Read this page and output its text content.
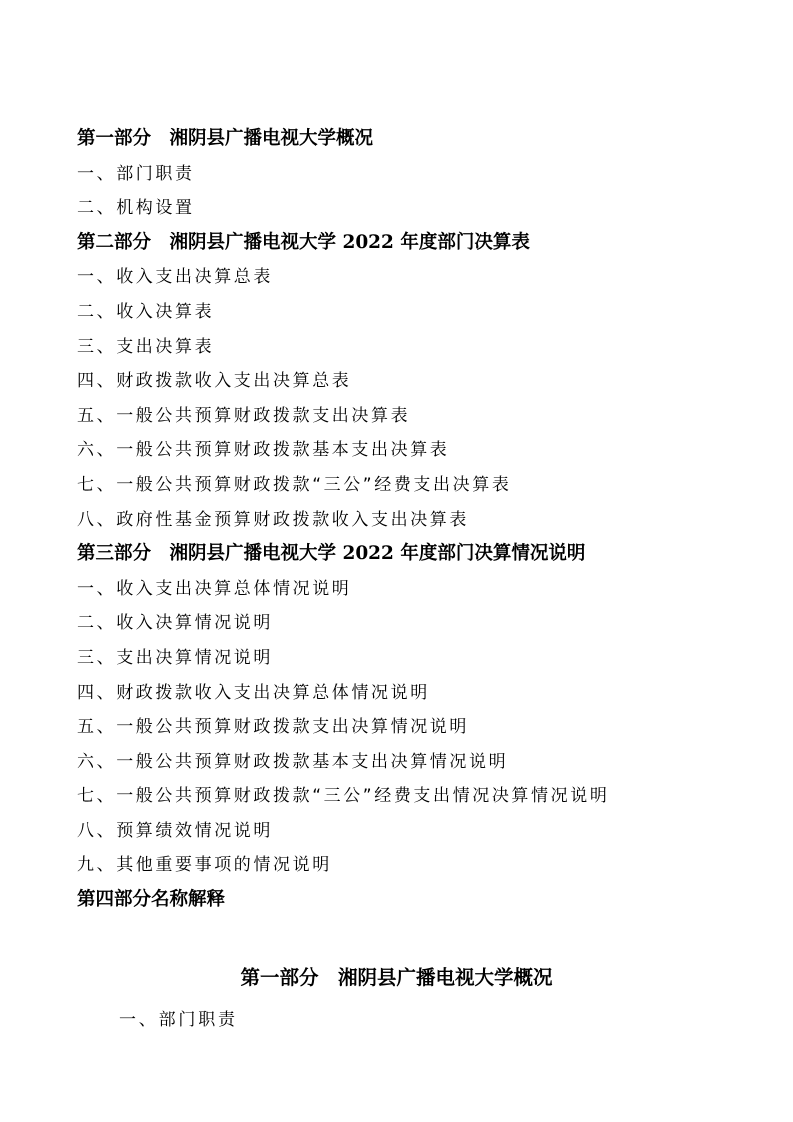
第一部分　湘阴县广播电视大学概况
一、部门职责
二、机构设置
第二部分　湘阴县广播电视大学 2022 年度部门决算表
一、收入支出决算总表
二、收入决算表
三、支出决算表
四、财政拨款收入支出决算总表
五、一般公共预算财政拨款支出决算表
六、一般公共预算财政拨款基本支出决算表
七、一般公共预算财政拨款“三公”经费支出决算表
八、政府性基金预算财政拨款收入支出决算表
第三部分　湘阴县广播电视大学 2022 年度部门决算情况说明
一、收入支出决算总体情况说明
二、收入决算情况说明
三、支出决算情况说明
四、财政拨款收入支出决算总体情况说明
五、一般公共预算财政拨款支出决算情况说明
六、一般公共预算财政拨款基本支出决算情况说明
七、一般公共预算财政拨款“三公”经费支出情况决算情况说明
八、预算绩效情况说明
九、其他重要事项的情况说明
第四部分名称解释
第一部分　湘阴县广播电视大学概况
一、部门职责
